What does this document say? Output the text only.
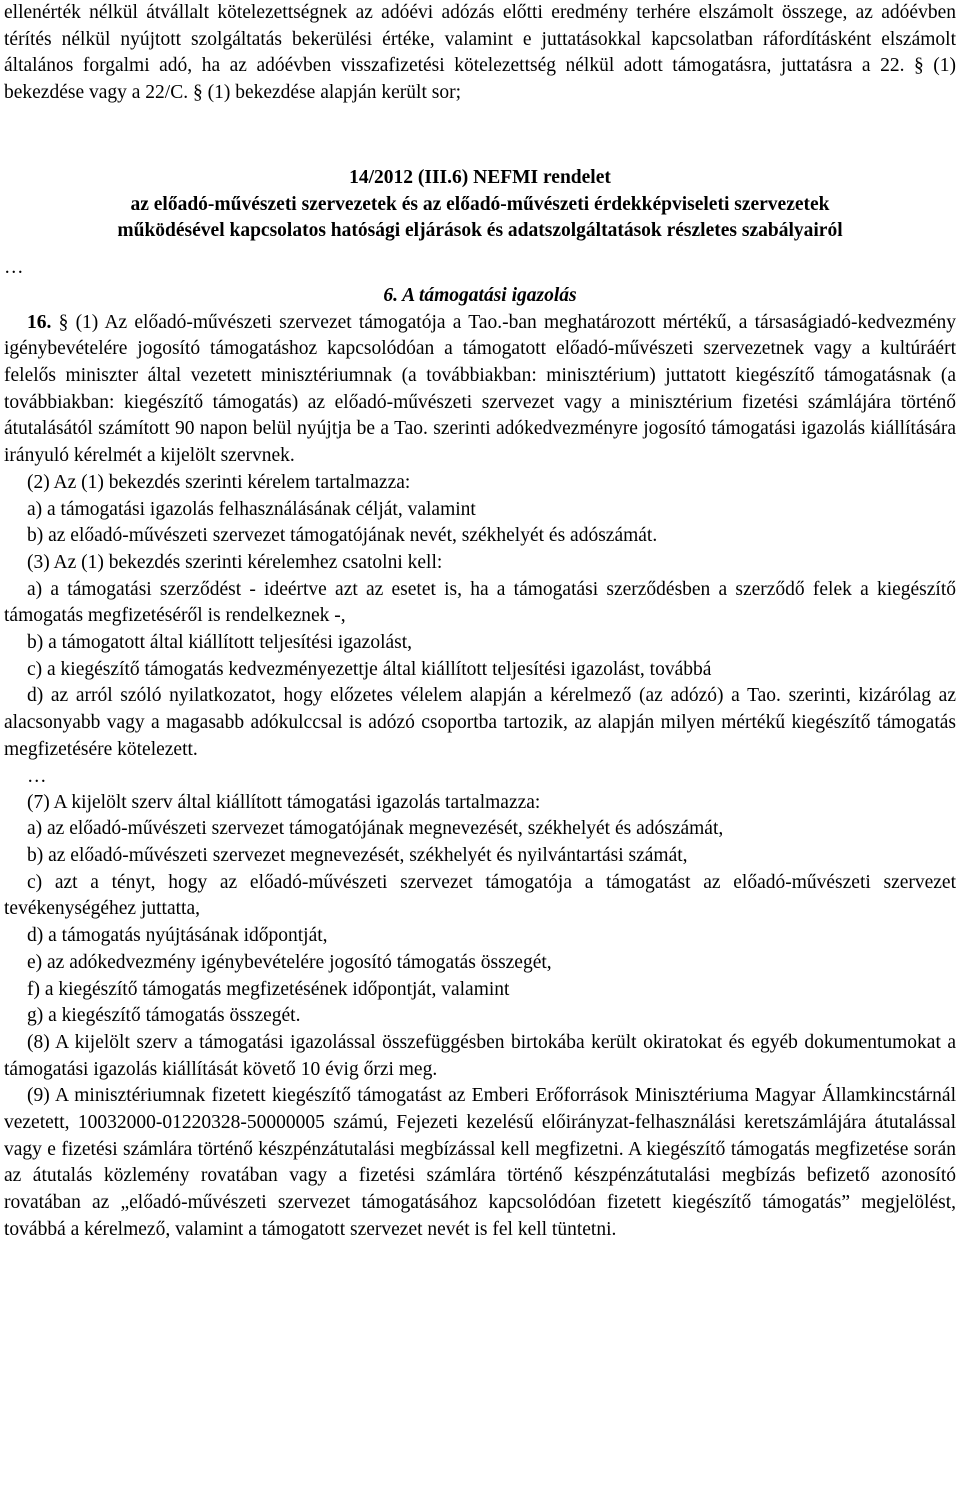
ellenérték nélkül átvállalt kötelezettségnek az adóévi adózás előtti eredmény terhére elszámolt összege, az adóévben térítés nélkül nyújtott szolgáltatás bekerülési értéke, valamint e juttatásokkal kapcsolatban ráfordításként elszámolt általános forgalmi adó, ha az adóévben visszafizetési kötelezettség nélkül adott támogatásra, juttatásra a 22. § (1) bekezdése vagy a 22/C. § (1) bekezdése alapján került sor;

14/2012 (III.6) NEFMI rendelet

az előadó-művészeti szervezetek és az előadó-művészeti érdekképviseleti szervezetek

működésével kapcsolatos hatósági eljárások és adatszolgáltatások részletes szabályairól

…

6. A támogatási igazolás

16. § (1) Az előadó-művészeti szervezet támogatója a Tao.-ban meghatározott mértékű, a társaságiadó-kedvezmény igénybevételére jogosító támogatáshoz kapcsolódóan a támogatott előadó-művészeti szervezetnek vagy a kultúráért felelős miniszter által vezetett minisztériumnak (a továbbiakban: minisztérium) juttatott kiegészítő támogatásnak (a továbbiakban: kiegészítő támogatás) az előadó-művészeti szervezet vagy a minisztérium fizetési számlájára történő átutalásától számított 90 napon belül nyújtja be a Tao. szerinti adókedvezményre jogosító támogatási igazolás kiállítására irányuló kérelmét a kijelölt szervnek.

(2) Az (1) bekezdés szerinti kérelem tartalmazza:

a) a támogatási igazolás felhasználásának célját, valamint

b) az előadó-művészeti szervezet támogatójának nevét, székhelyét és adószámát.

(3) Az (1) bekezdés szerinti kérelemhez csatolni kell:

a) a támogatási szerződést - ideértve azt az esetet is, ha a támogatási szerződésben a szerződő felek a kiegészítő támogatás megfizetéséről is rendelkeznek -,

b) a támogatott által kiállított teljesítési igazolást,

c) a kiegészítő támogatás kedvezményezettje által kiállított teljesítési igazolást, továbbá

d) az arról szóló nyilatkozatot, hogy előzetes vélelem alapján a kérelmező (az adózó) a Tao. szerinti, kizárólag az alacsonyabb vagy a magasabb adókulccsal is adózó csoportba tartozik, az alapján milyen mértékű kiegészítő támogatás megfizetésére kötelezett.

…

(7) A kijelölt szerv által kiállított támogatási igazolás tartalmazza:

a) az előadó-művészeti szervezet támogatójának megnevezését, székhelyét és adószámát,

b) az előadó-művészeti szervezet megnevezését, székhelyét és nyilvántartási számát,

c) azt a tényt, hogy az előadó-művészeti szervezet támogatója a támogatást az előadó-művészeti szervezet tevékenységéhez juttatta,

d) a támogatás nyújtásának időpontját,

e) az adókedvezmény igénybevételére jogosító támogatás összegét,

f) a kiegészítő támogatás megfizetésének időpontját, valamint

g) a kiegészítő támogatás összegét.

(8) A kijelölt szerv a támogatási igazolással összefüggésben birtokába került okiratokat és egyéb dokumentumokat a támogatási igazolás kiállítását követő 10 évig őrzi meg.

(9) A minisztériumnak fizetett kiegészítő támogatást az Emberi Erőforrások Minisztériuma Magyar Államkincstárnál vezetett, 10032000-01220328-50000005 számú, Fejezeti kezelésű előirányzat-felhasználási keretszámlájára átutalással vagy e fizetési számlára történő készpénzátutalási megbízással kell megfizetni. A kiegészítő támogatás megfizetése során az átutalás közlemény rovatában vagy a fizetési számlára történő készpénzátutalási megbízás befizető azonosító rovatában az „előadó-művészeti szervezet támogatásához kapcsolódóan fizetett kiegészítő támogatás” megjelölést, továbbá a kérelmező, valamint a támogatott szervezet nevét is fel kell tüntetni.
